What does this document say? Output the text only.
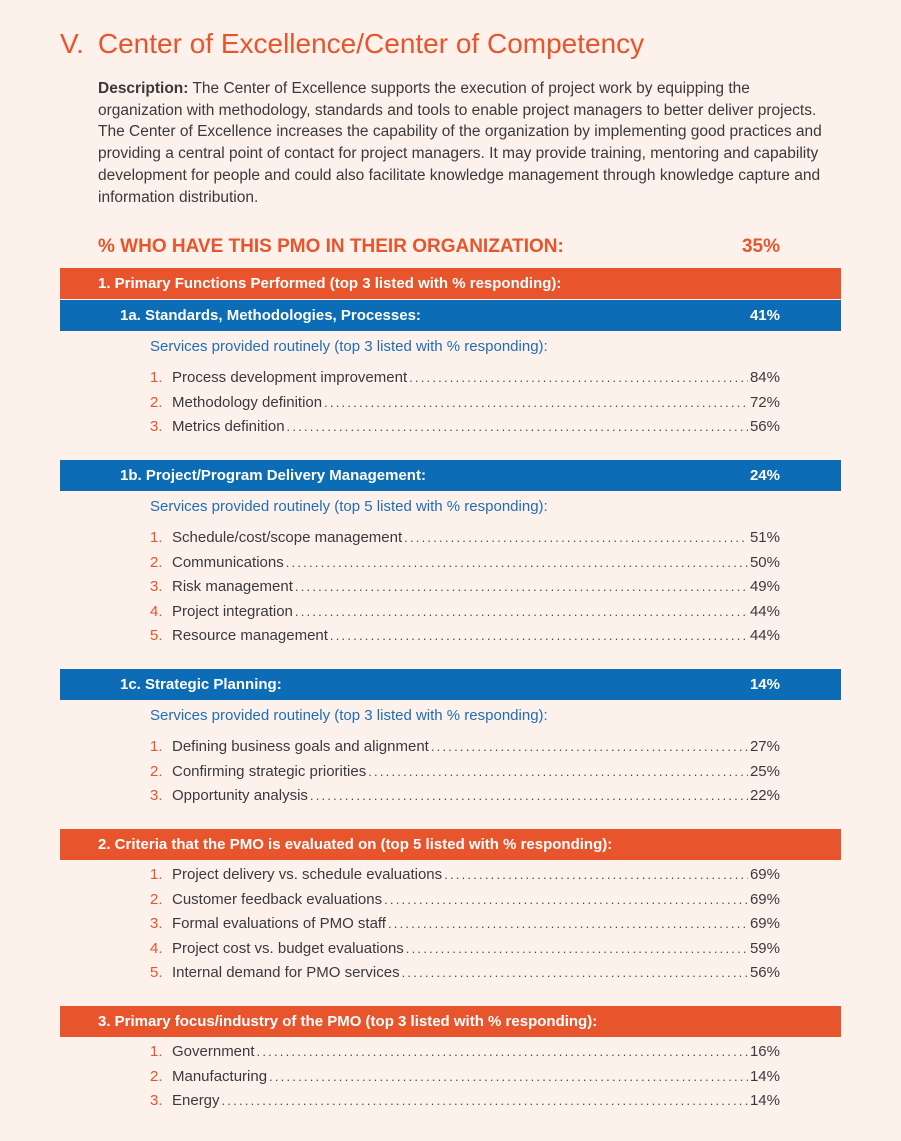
V. Center of Excellence/Center of Competency

Description: The Center of Excellence supports the execution of project work by equipping the organization with methodology, standards and tools to enable project managers to better deliver projects. The Center of Excellence increases the capability of the organization by implementing good practices and providing a central point of contact for project managers. It may provide training, mentoring and capability development for people and could also facilitate knowledge management through knowledge capture and information distribution.

% WHO HAVE THIS PMO IN THEIR ORGANIZATION:	35%
1. Primary Functions Performed (top 3 listed with % responding):
1a. Standards, Methodologies, Processes:	41%
Services provided routinely (top 3 listed with % responding):
1. Process development improvement .....	84%
2. Methodology definition .....	72%
3. Metrics definition .....	56%
1b. Project/Program Delivery Management:	24%
Services provided routinely (top 5 listed with % responding):
1. Schedule/cost/scope management .....	51%
2. Communications .....	50%
3. Risk management .....	49%
4. Project integration .....	44%
5. Resource management .....	44%
1c. Strategic Planning:	14%
Services provided routinely (top 3 listed with % responding):
1. Defining business goals and alignment .....	27%
2. Confirming strategic priorities .....	25%
3. Opportunity analysis .....	22%
2. Criteria that the PMO is evaluated on (top 5 listed with % responding):
1. Project delivery vs. schedule evaluations .....	69%
2. Customer feedback evaluations .....	69%
3. Formal evaluations of PMO staff .....	69%
4. Project cost vs. budget evaluations .....	59%
5. Internal demand for PMO services .....	56%
3. Primary focus/industry of the PMO (top 3 listed with % responding):
1. Government .....	16%
2. Manufacturing .....	14%
3. Energy .....	14%
